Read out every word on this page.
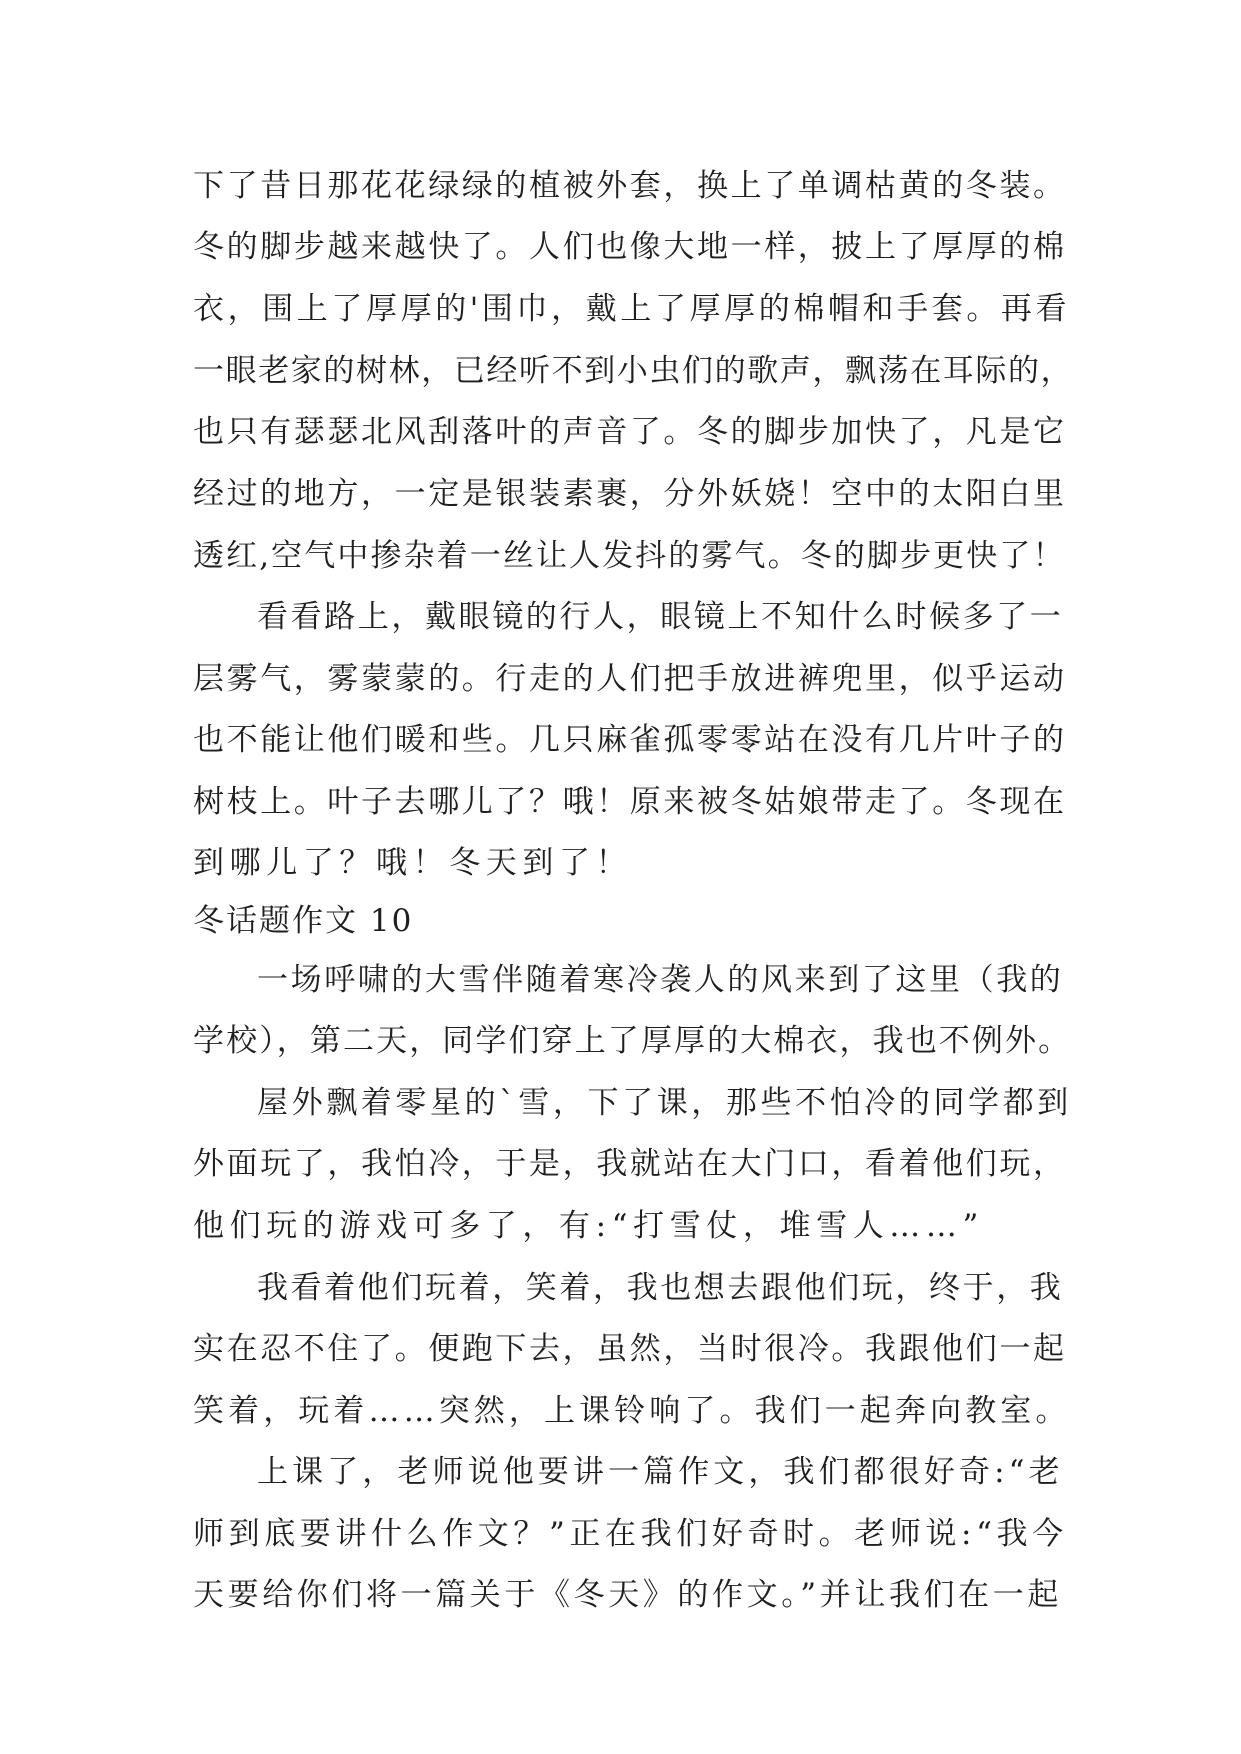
下了昔日那花花绿绿的植被外套，换上了单调枯黄的冬装。
冬的脚步越来越快了。人们也像大地一样，披上了厚厚的棉
衣，围上了厚厚的'围巾，戴上了厚厚的棉帽和手套。再看
一眼老家的树林，已经听不到小虫们的歌声，飘荡在耳际的，
也只有瑟瑟北风刮落叶的声音了。冬的脚步加快了，凡是它
经过的地方，一定是银装素裹，分外妖娆！空中的太阳白里
透红,空气中掺杂着一丝让人发抖的雾气。冬的脚步更快了！
看看路上，戴眼镜的行人，眼镜上不知什么时候多了一
层雾气，雾蒙蒙的。行走的人们把手放进裤兜里，似乎运动
也不能让他们暖和些。几只麻雀孤零零站在没有几片叶子的
树枝上。叶子去哪儿了？哦！原来被冬姑娘带走了。冬现在
到哪儿了？哦！冬天到了！
冬话题作文 10
一场呼啸的大雪伴随着寒冷袭人的风来到了这里（我的
学校），第二天，同学们穿上了厚厚的大棉衣，我也不例外。
屋外飘着零星的`雪，下了课，那些不怕冷的同学都到
外面玩了，我怕冷，于是，我就站在大门口，看着他们玩，
他们玩的游戏可多了，有:“打雪仗，堆雪人……”
我看着他们玩着，笑着，我也想去跟他们玩，终于，我
实在忍不住了。便跑下去，虽然，当时很冷。我跟他们一起
笑着，玩着……突然，上课铃响了。我们一起奔向教室。
上课了，老师说他要讲一篇作文，我们都很好奇:“老
师到底要讲什么作文？”正在我们好奇时。老师说:“我今
天要给你们将一篇关于《冬天》的作文。”并让我们在一起
